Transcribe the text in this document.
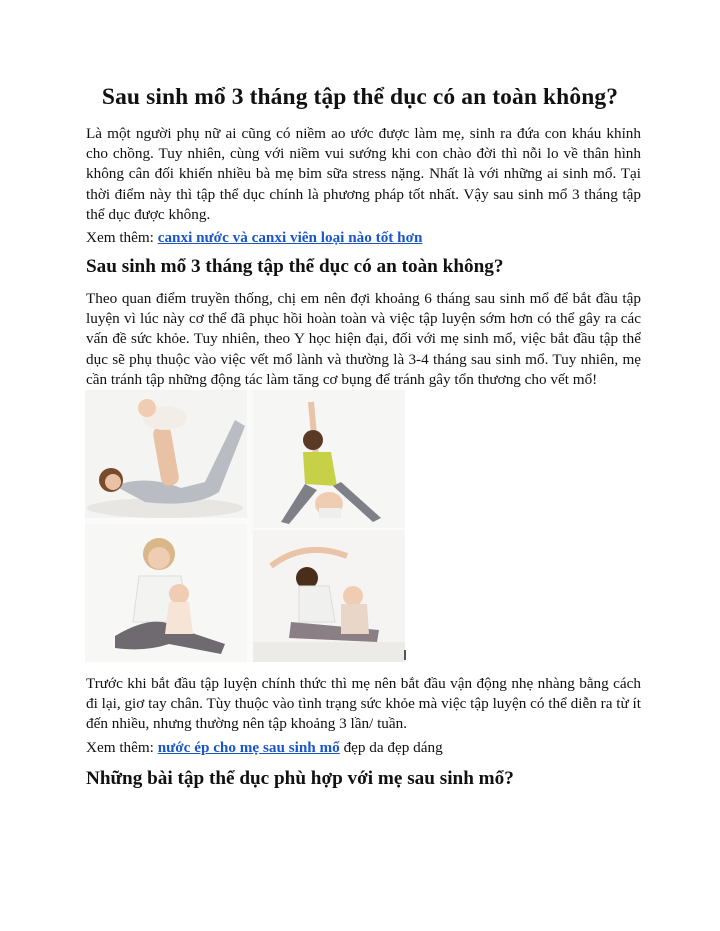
Sau sinh mổ 3 tháng tập thể dục có an toàn không?

Là một người phụ nữ ai cũng có niềm ao ước được làm mẹ, sinh ra đứa con kháu khỉnh cho chồng. Tuy nhiên, cùng với niềm vui sướng khi con chào đời thì nỗi lo về thân hình không cân đối khiến nhiều bà mẹ bỉm sữa stress nặng. Nhất là với những ai sinh mổ. Tại thời điểm này thì tập thể dục chính là phương pháp tốt nhất. Vậy sau sinh mổ 3 tháng tập thể dục được không.

Xem thêm: canxi nước và canxi viên loại nào tốt hơn

Sau sinh mổ 3 tháng tập thể dục có an toàn không?

Theo quan điểm truyền thống, chị em nên đợi khoảng 6 tháng sau sinh mổ để bắt đầu tập luyện vì lúc này cơ thể đã phục hồi hoàn toàn và việc tập luyện sớm hơn có thể gây ra các vấn đề sức khỏe. Tuy nhiên, theo Y học hiện đại, đối với mẹ sinh mổ, việc bắt đầu tập thể dục sẽ phụ thuộc vào việc vết mổ lành và thường là 3-4 tháng sau sinh mổ. Tuy nhiên, mẹ cần tránh tập những động tác làm tăng cơ bụng để tránh gây tổn thương cho vết mổ!

Trước khi bắt đầu tập luyện chính thức thì mẹ nên bắt đầu vận động nhẹ nhàng bằng cách đi lại, giơ tay chân. Tùy thuộc vào tình trạng sức khỏe mà việc tập luyện có thể diễn ra từ ít đến nhiều, nhưng thường nên tập khoảng 3 lần/ tuần.

Xem thêm: nước ép cho mẹ sau sinh mổ đẹp da đẹp dáng

Những bài tập thể dục phù hợp với mẹ sau sinh mổ?
